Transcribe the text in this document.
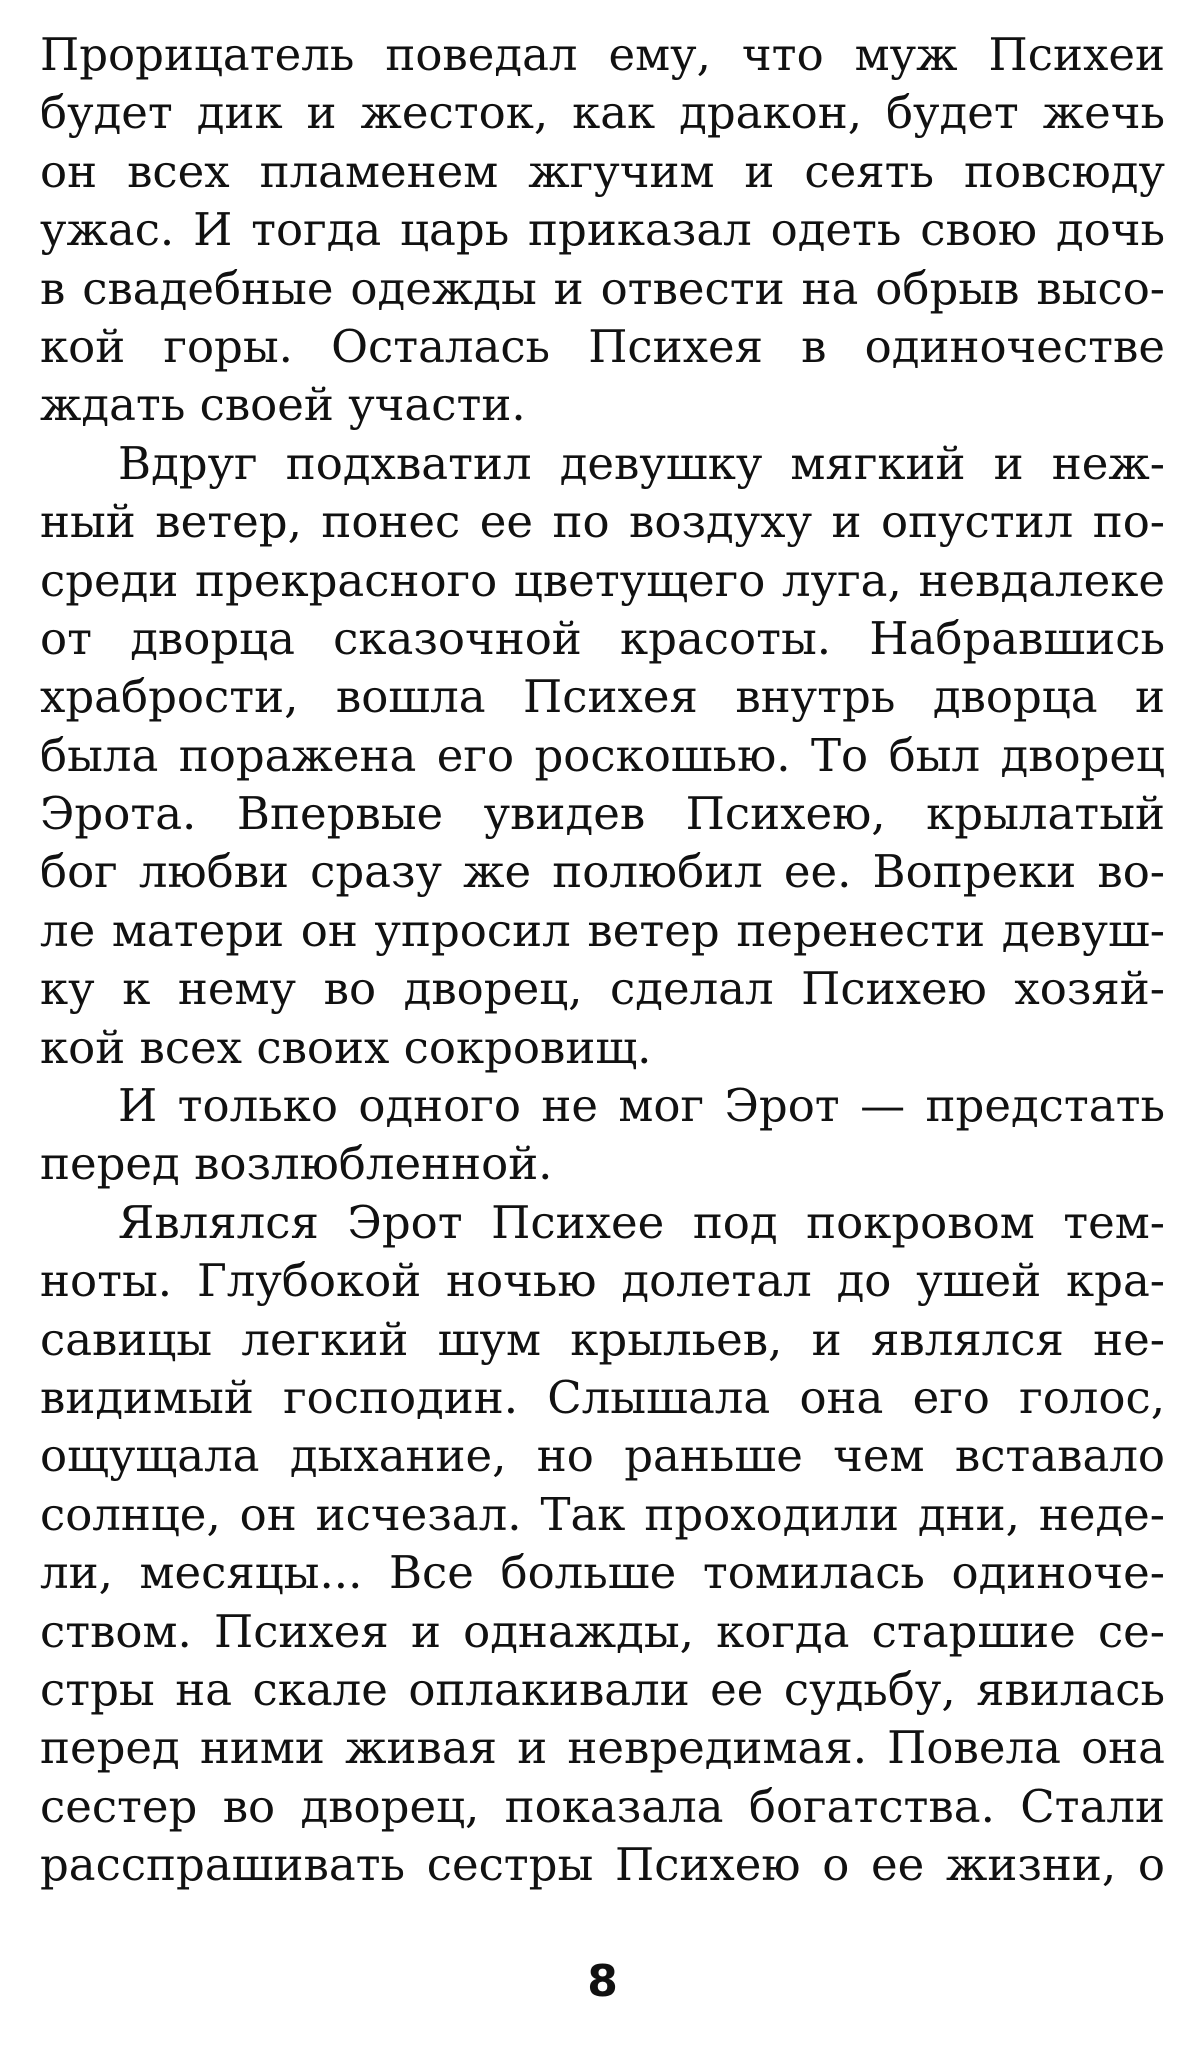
Прорицатель поведал ему, что муж Психеи
будет дик и жесток, как дракон, будет жечь
он всех пламенем жгучим и сеять повсюду
ужас. И тогда царь приказал одеть свою дочь
в свадебные одежды и отвести на обрыв высо-
кой горы. Осталась Психея в одиночестве
ждать своей участи.
Вдруг подхватил девушку мягкий и неж-
ный ветер, понес ее по воздуху и опустил по-
среди прекрасного цветущего луга, невдалеке
от дворца сказочной красоты. Набравшись
храбрости, вошла Психея внутрь дворца и
была поражена его роскошью. То был дворец
Эрота. Впервые увидев Психею, крылатый
бог любви сразу же полюбил ее. Вопреки во-
ле матери он упросил ветер перенести девуш-
ку к нему во дворец, сделал Психею хозяй-
кой всех своих сокровищ.
И только одного не мог Эрот — предстать
перед возлюбленной.
Являлся Эрот Психее под покровом тем-
ноты. Глубокой ночью долетал до ушей кра-
савицы легкий шум крыльев, и являлся не-
видимый господин. Слышала она его голос,
ощущала дыхание, но раньше чем вставало
солнце, он исчезал. Так проходили дни, неде-
ли, месяцы... Все больше томилась одиноче-
ством. Психея и однажды, когда старшие се-
стры на скале оплакивали ее судьбу, явилась
перед ними живая и невредимая. Повела она
сестер во дворец, показала богатства. Стали
расспрашивать сестры Психею о ее жизни, о
8
